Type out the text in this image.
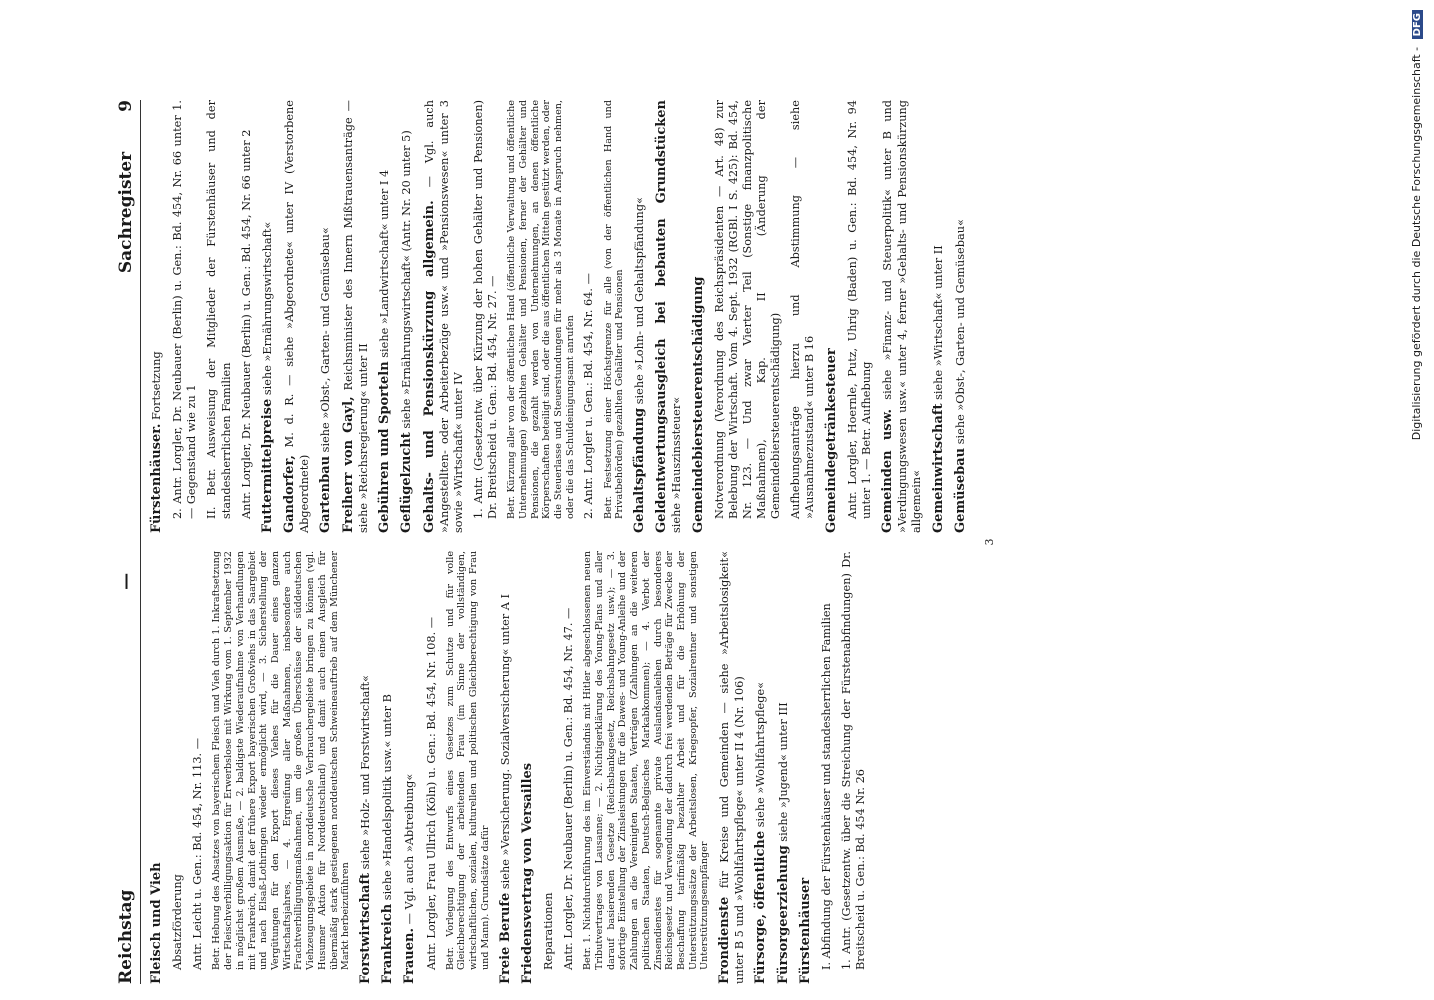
Reichstag
—
Sachregister
9
Fleisch und Vieh Absatzförderung Antr. Leicht u. Gen.: Bd. 454, Nr. 113. — Betr. Hebung des Absatzes von bayerischem Fleisch und Vieh durch 1. Inkraftsetzung der Fleischverbilligungsaktion für Erwerbslose mit Wirkung vom 1. September 1932 in möglichst großem Ausmaße, — 2. baldigste Wiederaufnahme von Verhandlungen mit Frankreich, damit der frühere Export bayerischen Großviehs in das Saargebiet und nach Elsaß-Lothringen wieder ermöglicht wird, — 3. Sicherstellung der Vergütungen für den Export dieses Viehes für die Dauer eines ganzen Wirtschaftsjahres, — 4. Ergreifung aller Maßnahmen, insbesondere auch Frachtverbilligungsmaßnahmen, um die großen Überschüsse der süddeutschen Viehzeugungsgebiete in norddeutsche Verbrauchergebiete bringen zu können (vgl. Husumer Aktion für Norddeutschland) und damit auch einen Ausgleich für übermäßig stark gestiegenen norddeutschen Schweineauftrieb auf dem Münchener Markt herbeizuführen Forstwirtschaft siehe »Holz- und Forstwirtschaft«
Frankreich siehe »Handelspolitik usw.« unter B
Frauen. — Vgl. auch »Abtreibung« Antr. Lorgler, Frau Ullrich (Köln) u. Gen.: Bd. 454, Nr. 108. — Betr. Vorlegung des Entwurfs eines Gesetzes zum Schutze und für volle Gleichberechtigung der arbeitenden Frau (im Sinne der vollständigen, wirtschaftlichen, sozialen, kulturellen und politischen Gleichberechtigung von Frau und Mann). Grundsätze dafür Freie Berufe siehe »Versicherung. Sozialversicherung« unter A I Friedensvertrag von Versailles Reparationen Antr. Lorgler, Dr. Neubauer (Berlin) u. Gen.: Bd. 454, Nr. 47. — Betr. 1. Nichtdurchführung des im Einverständnis mit Hitler abgeschlossenen neuen Tributvertrages von Lausanne; — 2. Nichtigerklärung des Young-Plans und aller darauf basierenden Gesetze (Reichsbankgesetz, Reichsbahngesetz usw.); — 3. sofortige Einstellung der Zinsleistungen für die Dawes- und Young-Anleihe und der Zahlungen an die Vereinigten Staaten, Verträgen (Zahlungen an die weiteren politischen Staaten, Deutsch-Belgisches Markabkommen); — 4. Verbot der Zinsendienstes für sogenannte private Auslandsanleihen durch besonderes Reichsgesetz und Verwendung der dadurch frei werdenden Beträge für Zwecke der Beschaffung tarifmäßig bezahlter Arbeit und für die Erhöhung der Unterstützungssätze der Arbeitslosen, Kriegsopfer, Sozialrentner und sonstigen Unterstützungsempfänger Frondienste für Kreise und Gemeinden — siehe »Arbeitslosigkeit« unter B 5 und »Wohlfahrtspflege« unter II 4 (Nr. 106) Fürsorge, öffentliche siehe »Wohlfahrtspflege«
Fürsorgeerziehung siehe »Jugend« unter III
Fürstenhäuser I. Abfindung der Fürstenhäuser und standesherrlichen Familien 1. Antr. (Gesetzentw. über die Streichung der Fürstenabfindungen) Dr. Breitscheid u. Gen.: Bd. 454 Nr. 26
Fürstenhäuser. Fortsetzung 2. Antr. Lorgler, Dr. Neubauer (Berlin) u. Gen.: Bd. 454, Nr. 66 unter 1. — Gegenstand wie zu 1 II. Betr. Ausweisung der Mitglieder der Fürstenhäuser und der standesherrlichen Familien Antr. Lorgler, Dr. Neubauer (Berlin) u. Gen.: Bd. 454, Nr. 66 unter 2 Futtermittelpreise siehe »Ernährungswirtschaft«
Gandorfer, M. d. R. — siehe »Abgeordnete« unter IV (Verstorbene Abgeordnete) Gartenbau siehe »Obst-, Garten- und Gemüsebau«
Freiherr von Gayl, Reichsminister des Innern Mißtrauensanträge — siehe »Reichsregierung« unter II Gebühren und Sporteln siehe »Landwirtschaft« unter I 4
Geflügelzucht siehe »Ernährungswirtschaft« (Antr. Nr. 20 unter 5) Gehalts- und Pensionskürzung allgemein. — Vgl. auch »Angestellten- oder Arbeiterbezüge usw.« und »Pensionswesen« unter 3 sowie »Wirtschaft« unter IV 1. Antr. (Gesetzentw. über Kürzung der hohen Gehälter und Pensionen) Dr. Breitscheid u. Gen.: Bd. 454, Nr. 27. — Betr. Kürzung aller von der öffentlichen Hand (öffentliche Verwaltung und öffentliche Unternehmungen) gezahlten Gehälter und Pensionen, ferner der Gehälter und Pensionen, die gezahlt werden von Unternehmungen, an denen öffentliche Körperschaften beteiligt sind, oder die aus öffentlichen Mitteln gestützt werden, oder die Steuerlasse und Steuerstundungen für mehr als 3 Monate in Anspruch nehmen, oder die das Schuldeinigungsamt anrufen 2. Antr. Lorgler u. Gen.: Bd. 454, Nr. 64. — Betr. Festsetzung einer Höchstgrenze für alle (von der öffentlichen Hand und Privatbehörden) gezahlten Gehälter und Pensionen Gehaltspfändung siehe »Lohn- und Gehaltspfändung« Geldentwertungsausgleich bei bebauten Grundstücken siehe »Hauszinssteuer« Gemeindebiersteuerentschädigung Notverordnung (Verordnung des Reichspräsidenten — Art. 48) zur Belebung der Wirtschaft. Vom 4. Sept. 1932 (RGBl. I S. 425): Bd. 454, Nr. 123. — Und zwar Vierter Teil (Sonstige finanzpolitische Maßnahmen), Kap. II (Änderung der Gemeindebiersteuerentschädigung) Aufhebungsanträge hierzu und Abstimmung — siehe »Ausnahmezustand« unter B 16 Gemeindegetränkesteuer Antr. Lorgler, Hoernle, Putz, Uhrig (Baden) u. Gen.: Bd. 454, Nr. 94 unter 1. — Betr. Aufhebung Gemeinden usw. siehe »Finanz- und Steuerpolitik« unter B und »Verdingungswesen usw.« unter 4, ferner »Gehalts- und Pensionskürzung allgemein« Gemeinwirtschaft siehe »Wirtschaft« unter II
Gemüsebau siehe »Obst-, Garten- und Gemüsebau«
3
Digitalisierung gefördert durch die Deutsche Forschungsgemeinschaft - DFG
